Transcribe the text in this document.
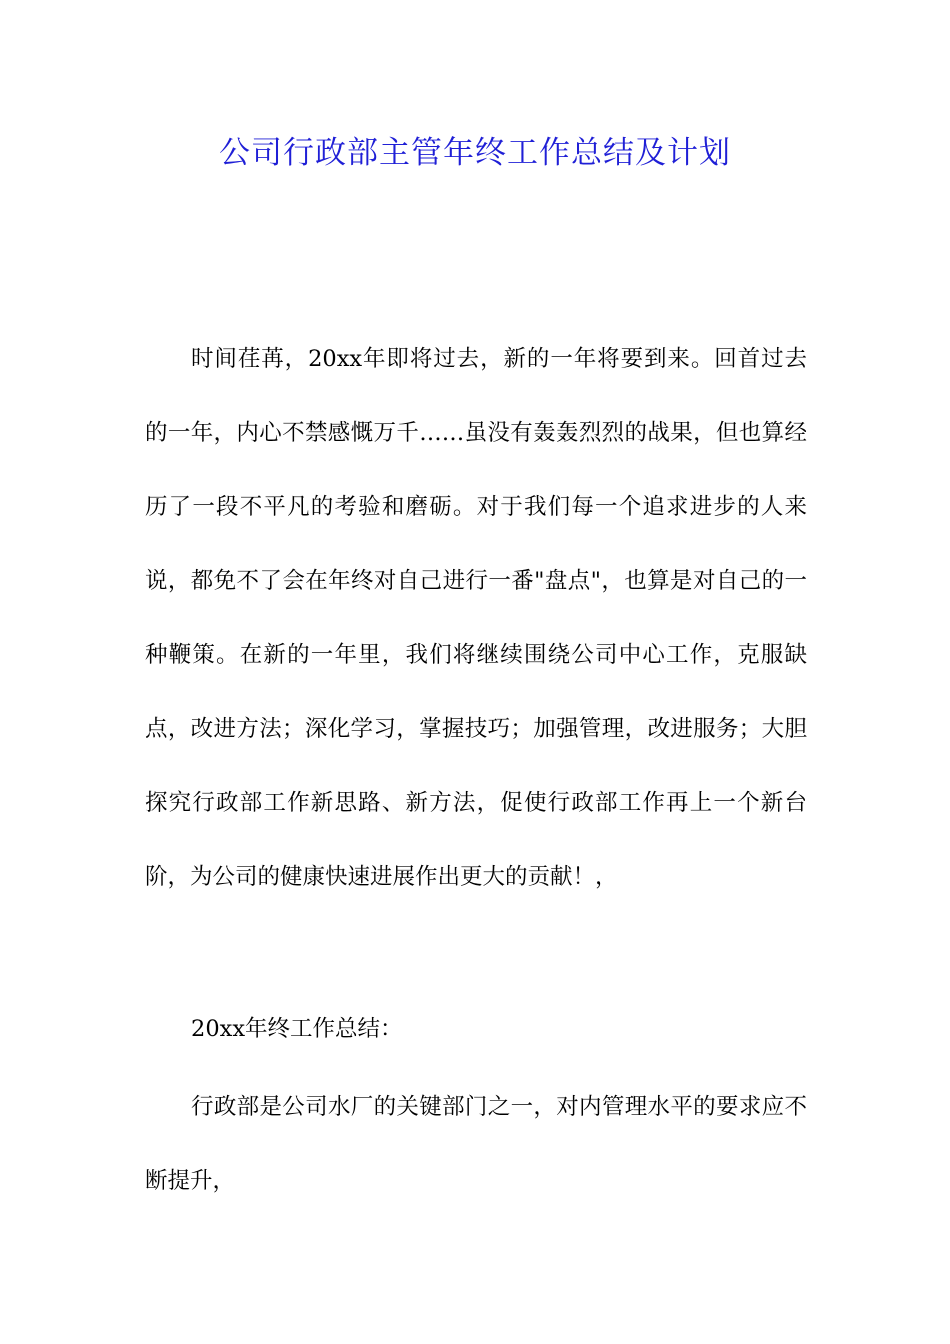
公司行政部主管年终工作总结及计划

时间荏苒，20xx年即将过去，新的一年将要到来。回首过去的一年，内心不禁感慨万千……虽没有轰轰烈烈的战果，但也算经历了一段不平凡的考验和磨砺。对于我们每一个追求进步的人来说，都免不了会在年终对自己进行一番"盘点"，也算是对自己的一种鞭策。在新的一年里，我们将继续围绕公司中心工作，克服缺点，改进方法；深化学习，掌握技巧；加强管理，改进服务；大胆探究行政部工作新思路、新方法，促使行政部工作再上一个新台阶，为公司的健康快速进展作出更大的贡献！，

20xx年终工作总结：

行政部是公司水厂的关键部门之一，对内管理水平的要求应不断提升，
